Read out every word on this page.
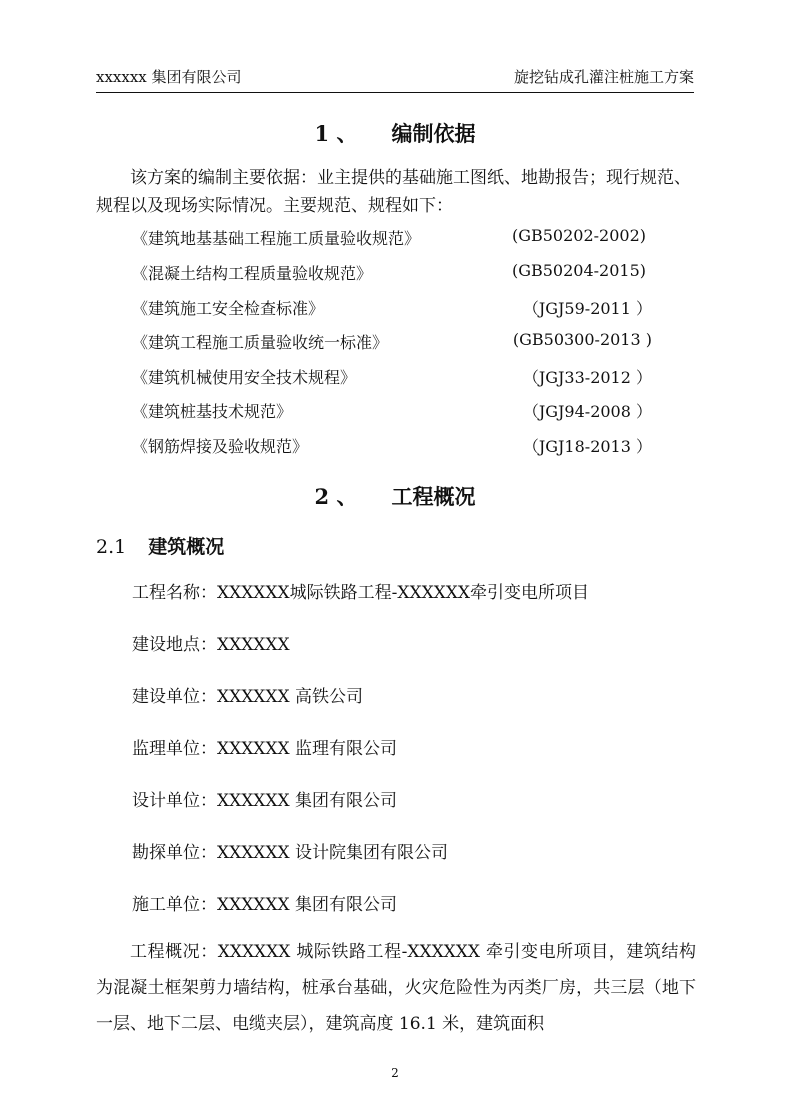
xxxxxx 集团有限公司	旋挖钻成孔灌注桩施工方案
1 、 编制依据
该方案的编制主要依据：业主提供的基础施工图纸、地勘报告；现行规范、规程以及现场实际情况。主要规范、规程如下：
《建筑地基基础工程施工质量验收规范》	(GB50202-2002)
《混凝土结构工程质量验收规范》	(GB50204-2015)
《建筑施工安全检查标准》	（JGJ59-2011 ）
《建筑工程施工质量验收统一标准》	(GB50300-2013 )
《建筑机械使用安全技术规程》	（JGJ33-2012 ）
《建筑桩基技术规范》	（JGJ94-2008 ）
《钢筋焊接及验收规范》	（JGJ18-2013 ）
2 、 工程概况
2.1 建筑概况
工程名称：XXXXXX城际铁路工程-XXXXXX牵引变电所项目
建设地点：XXXXXX
建设单位：XXXXXX 高铁公司
监理单位：XXXXXX 监理有限公司
设计单位：XXXXXX 集团有限公司
勘探单位：XXXXXX 设计院集团有限公司
施工单位：XXXXXX 集团有限公司
工程概况：XXXXXX 城际铁路工程-XXXXXX 牵引变电所项目，建筑结构为混凝土框架剪力墙结构，桩承台基础，火灾危险性为丙类厂房，共三层（地下一层、地下二层、电缆夹层），建筑高度 16.1 米，建筑面积
2
